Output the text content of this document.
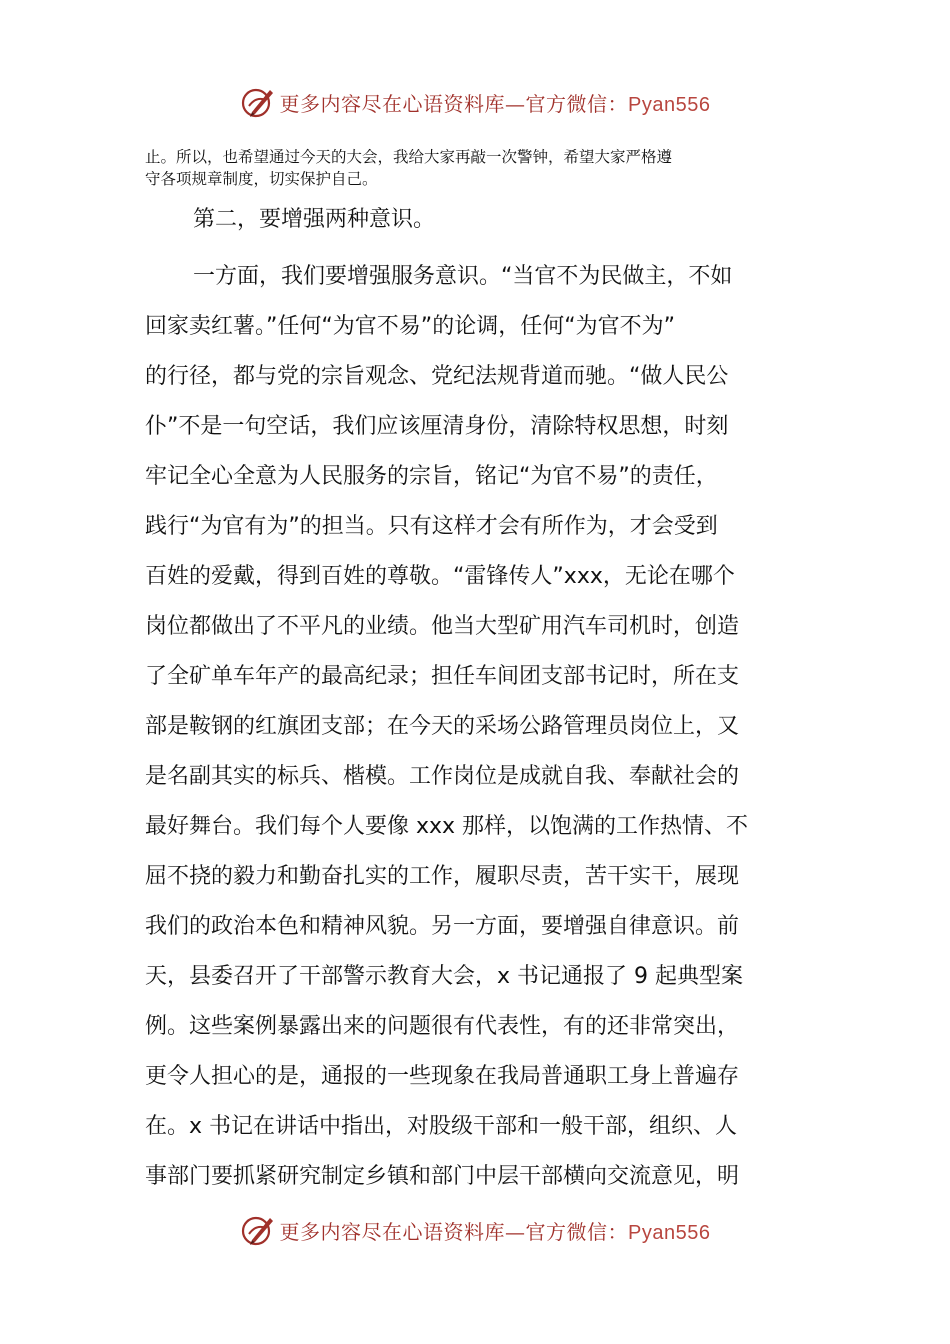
更多内容尽在心语资料库—官方微信：Pyan556

止。所以，也希望通过今天的大会，我给大家再敲一次警钟，希望大家严格遵

守各项规章制度，切实保护自己。

第二，要增强两种意识。

一方面，我们要增强服务意识。“当官不为民做主，不如
回家卖红薯。”任何“为官不易”的论调，任何“为官不为”
的行径，都与党的宗旨观念、党纪法规背道而驰。“做人民公
仆”不是一句空话，我们应该厘清身份，清除特权思想，时刻
牢记全心全意为人民服务的宗旨，铭记“为官不易”的责任，
践行“为官有为”的担当。只有这样才会有所作为，才会受到
百姓的爱戴，得到百姓的尊敬。“雷锋传人”xxx，无论在哪个
岗位都做出了不平凡的业绩。他当大型矿用汽车司机时，创造
了全矿单车年产的最高纪录；担任车间团支部书记时，所在支
部是鞍钢的红旗团支部；在今天的采场公路管理员岗位上，又
是名副其实的标兵、楷模。工作岗位是成就自我、奉献社会的
最好舞台。我们每个人要像 xxx 那样，以饱满的工作热情、不
屈不挠的毅力和勤奋扎实的工作，履职尽责，苦干实干，展现
我们的政治本色和精神风貌。另一方面，要增强自律意识。前
天，县委召开了干部警示教育大会，x 书记通报了 9 起典型案
例。这些案例暴露出来的问题很有代表性，有的还非常突出，
更令人担心的是，通报的一些现象在我局普通职工身上普遍存
在。x 书记在讲话中指出，对股级干部和一般干部，组织、人
事部门要抓紧研究制定乡镇和部门中层干部横向交流意见，明
更多内容尽在心语资料库—官方微信：Pyan556
